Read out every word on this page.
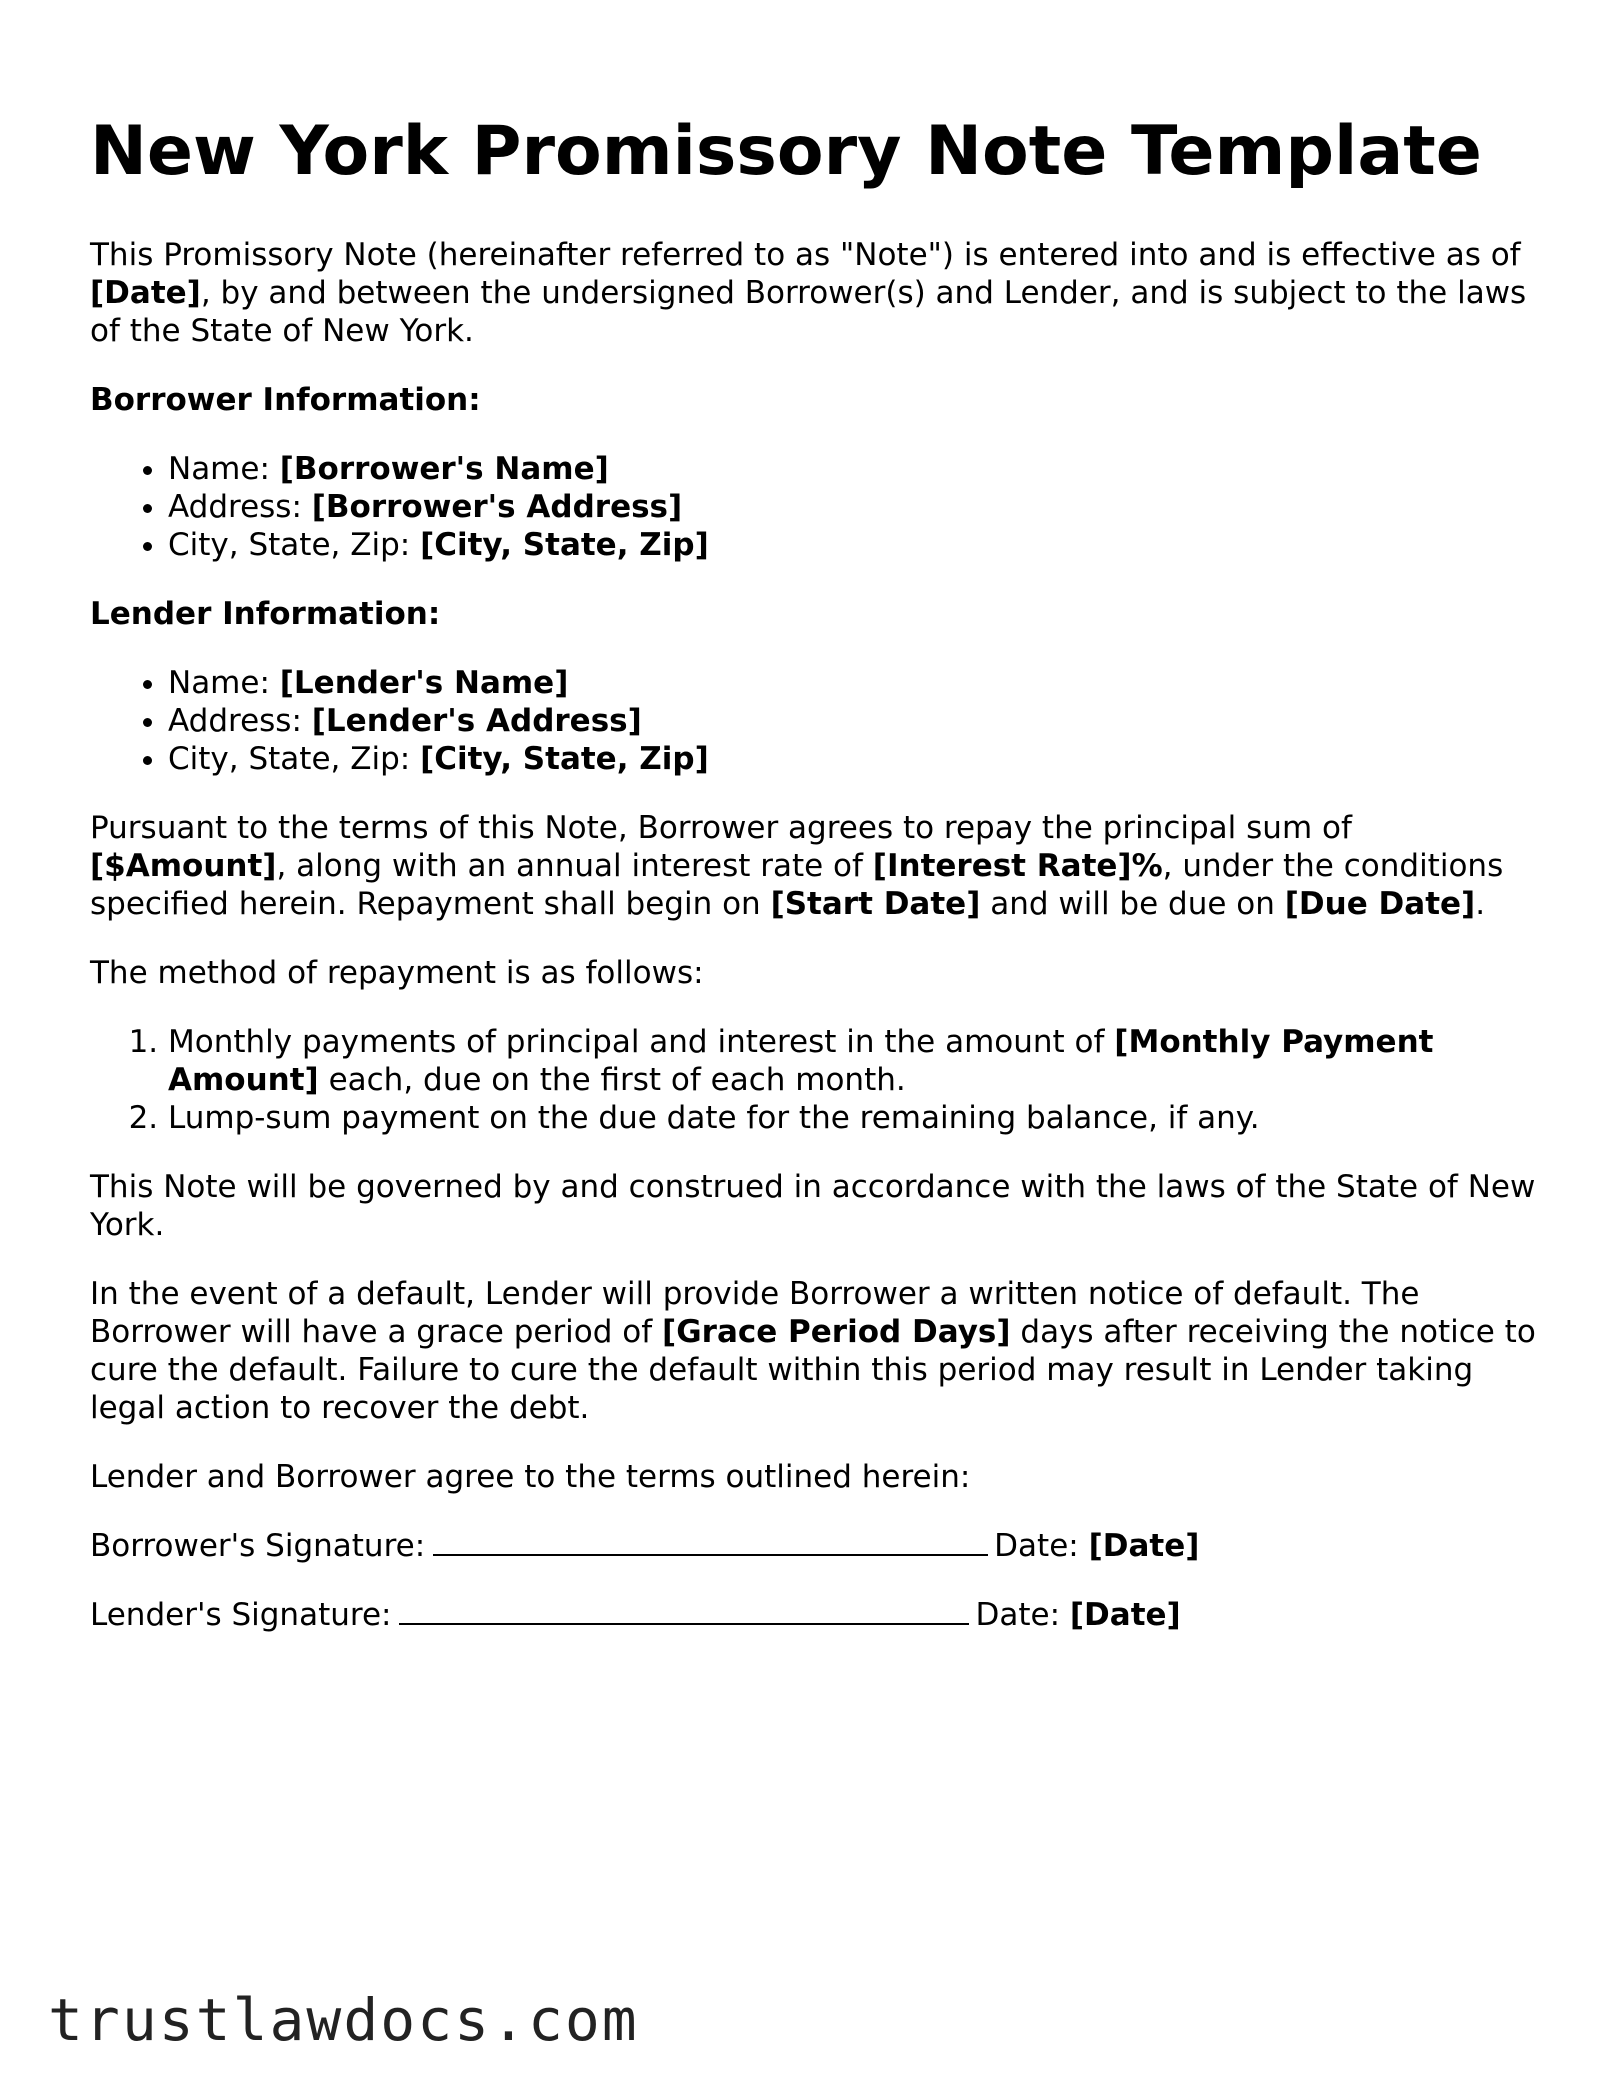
New York Promissory Note Template

This Promissory Note (hereinafter referred to as "Note") is entered into and is effective as of [Date], by and between the undersigned Borrower(s) and Lender, and is subject to the laws of the State of New York.

Borrower Information:

• Name: [Borrower's Name]
• Address: [Borrower's Address]
• City, State, Zip: [City, State, Zip]

Lender Information:

• Name: [Lender's Name]
• Address: [Lender's Address]
• City, State, Zip: [City, State, Zip]

Pursuant to the terms of this Note, Borrower agrees to repay the principal sum of [$Amount], along with an annual interest rate of [Interest Rate]%, under the conditions specified herein. Repayment shall begin on [Start Date] and will be due on [Due Date].

The method of repayment is as follows:

1. Monthly payments of principal and interest in the amount of [Monthly Payment Amount] each, due on the first of each month.
2. Lump-sum payment on the due date for the remaining balance, if any.

This Note will be governed by and construed in accordance with the laws of the State of New York.

In the event of a default, Lender will provide Borrower a written notice of default. The Borrower will have a grace period of [Grace Period Days] days after receiving the notice to cure the default. Failure to cure the default within this period may result in Lender taking legal action to recover the debt.

Lender and Borrower agree to the terms outlined herein:

Borrower's Signature:	Date: [Date]

Lender's Signature:	Date: [Date]

trustlawdocs.com
